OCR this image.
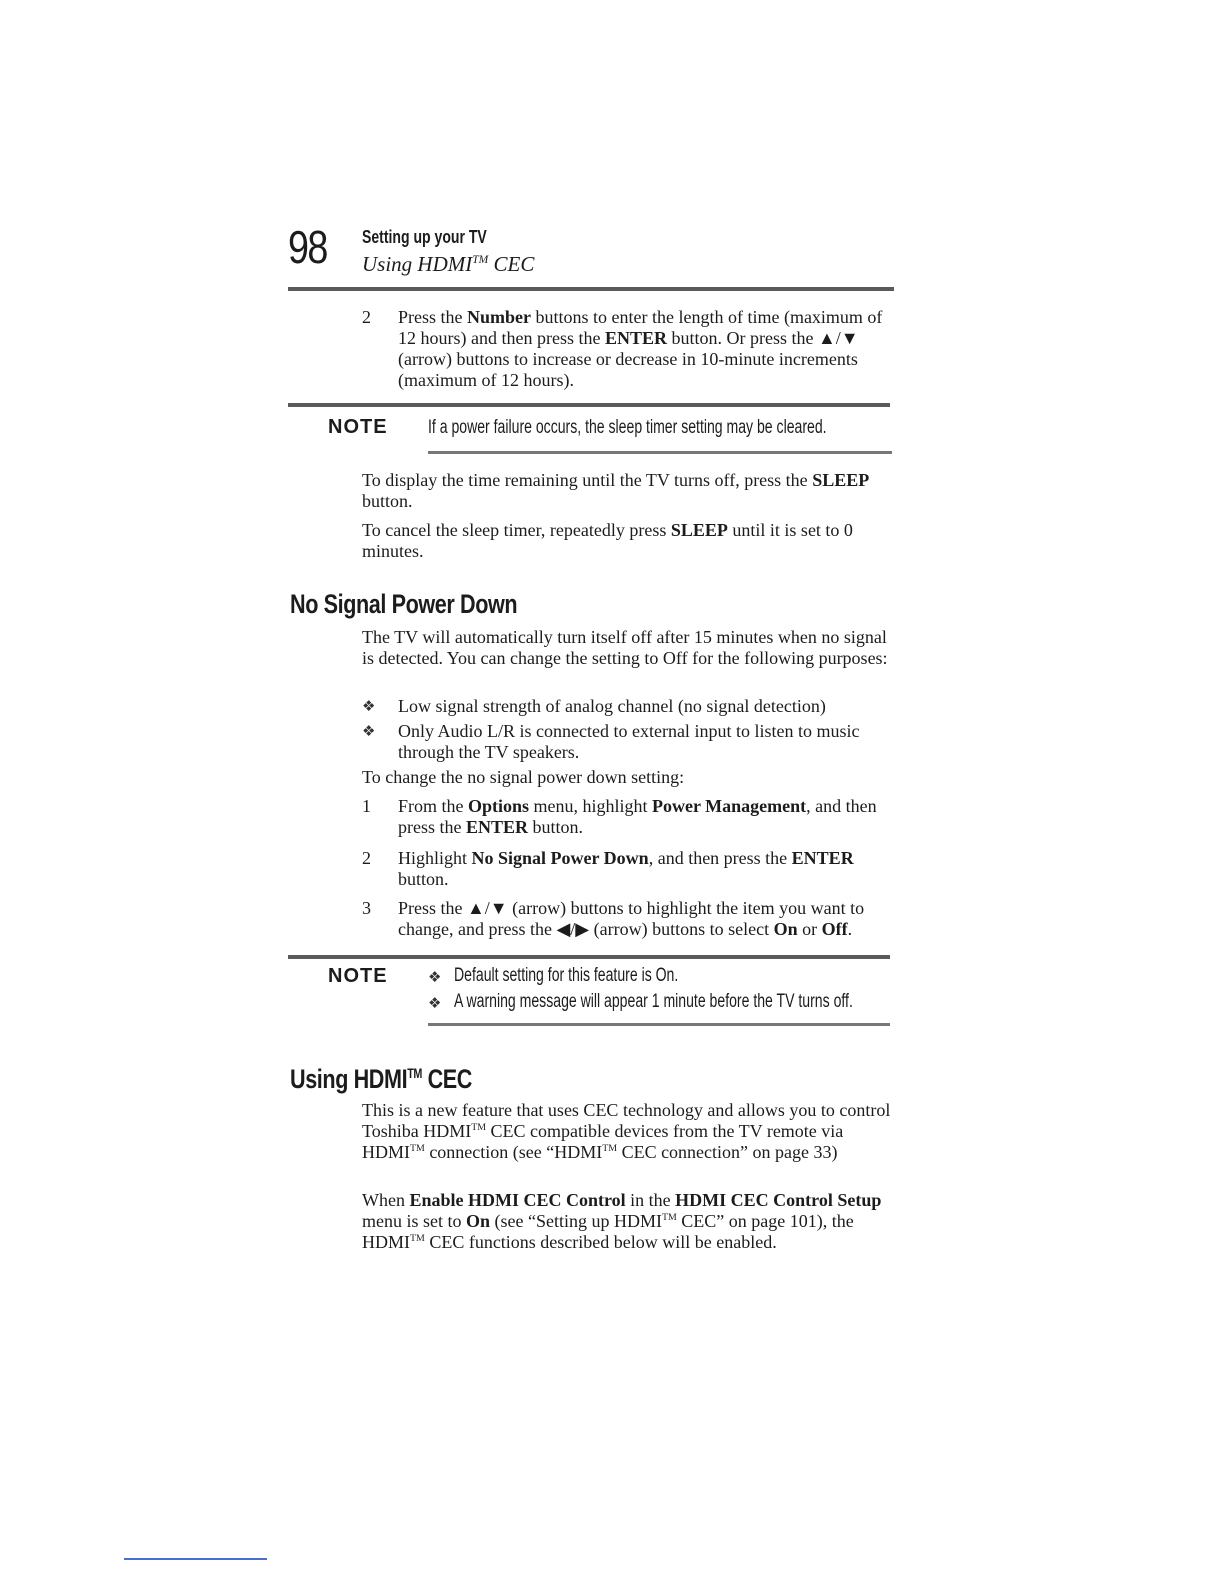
98 Setting up your TV
Using HDMI™ CEC
2	Press the Number buttons to enter the length of time (maximum of 12 hours) and then press the ENTER button. Or press the ▲/▼ (arrow) buttons to increase or decrease in 10-minute increments (maximum of 12 hours).
NOTE If a power failure occurs, the sleep timer setting may be cleared.
To display the time remaining until the TV turns off, press the SLEEP button.
To cancel the sleep timer, repeatedly press SLEEP until it is set to 0 minutes.
No Signal Power Down
The TV will automatically turn itself off after 15 minutes when no signal is detected. You can change the setting to Off for the following purposes:
❖	Low signal strength of analog channel (no signal detection)
❖	Only Audio L/R is connected to external input to listen to music through the TV speakers.
To change the no signal power down setting:
1	From the Options menu, highlight Power Management, and then press the ENTER button.
2	Highlight No Signal Power Down, and then press the ENTER button.
3	Press the ▲/▼ (arrow) buttons to highlight the item you want to change, and press the ◀/▶ (arrow) buttons to select On or Off.
NOTE	❖ Default setting for this feature is On.
❖ A warning message will appear 1 minute before the TV turns off.
Using HDMI™ CEC
This is a new feature that uses CEC technology and allows you to control Toshiba HDMI™ CEC compatible devices from the TV remote via HDMI™ connection (see “HDMI™ CEC connection” on page 33)
When Enable HDMI CEC Control in the HDMI CEC Control Setup menu is set to On (see “Setting up HDMI™ CEC” on page 101), the HDMI™ CEC functions described below will be enabled.
